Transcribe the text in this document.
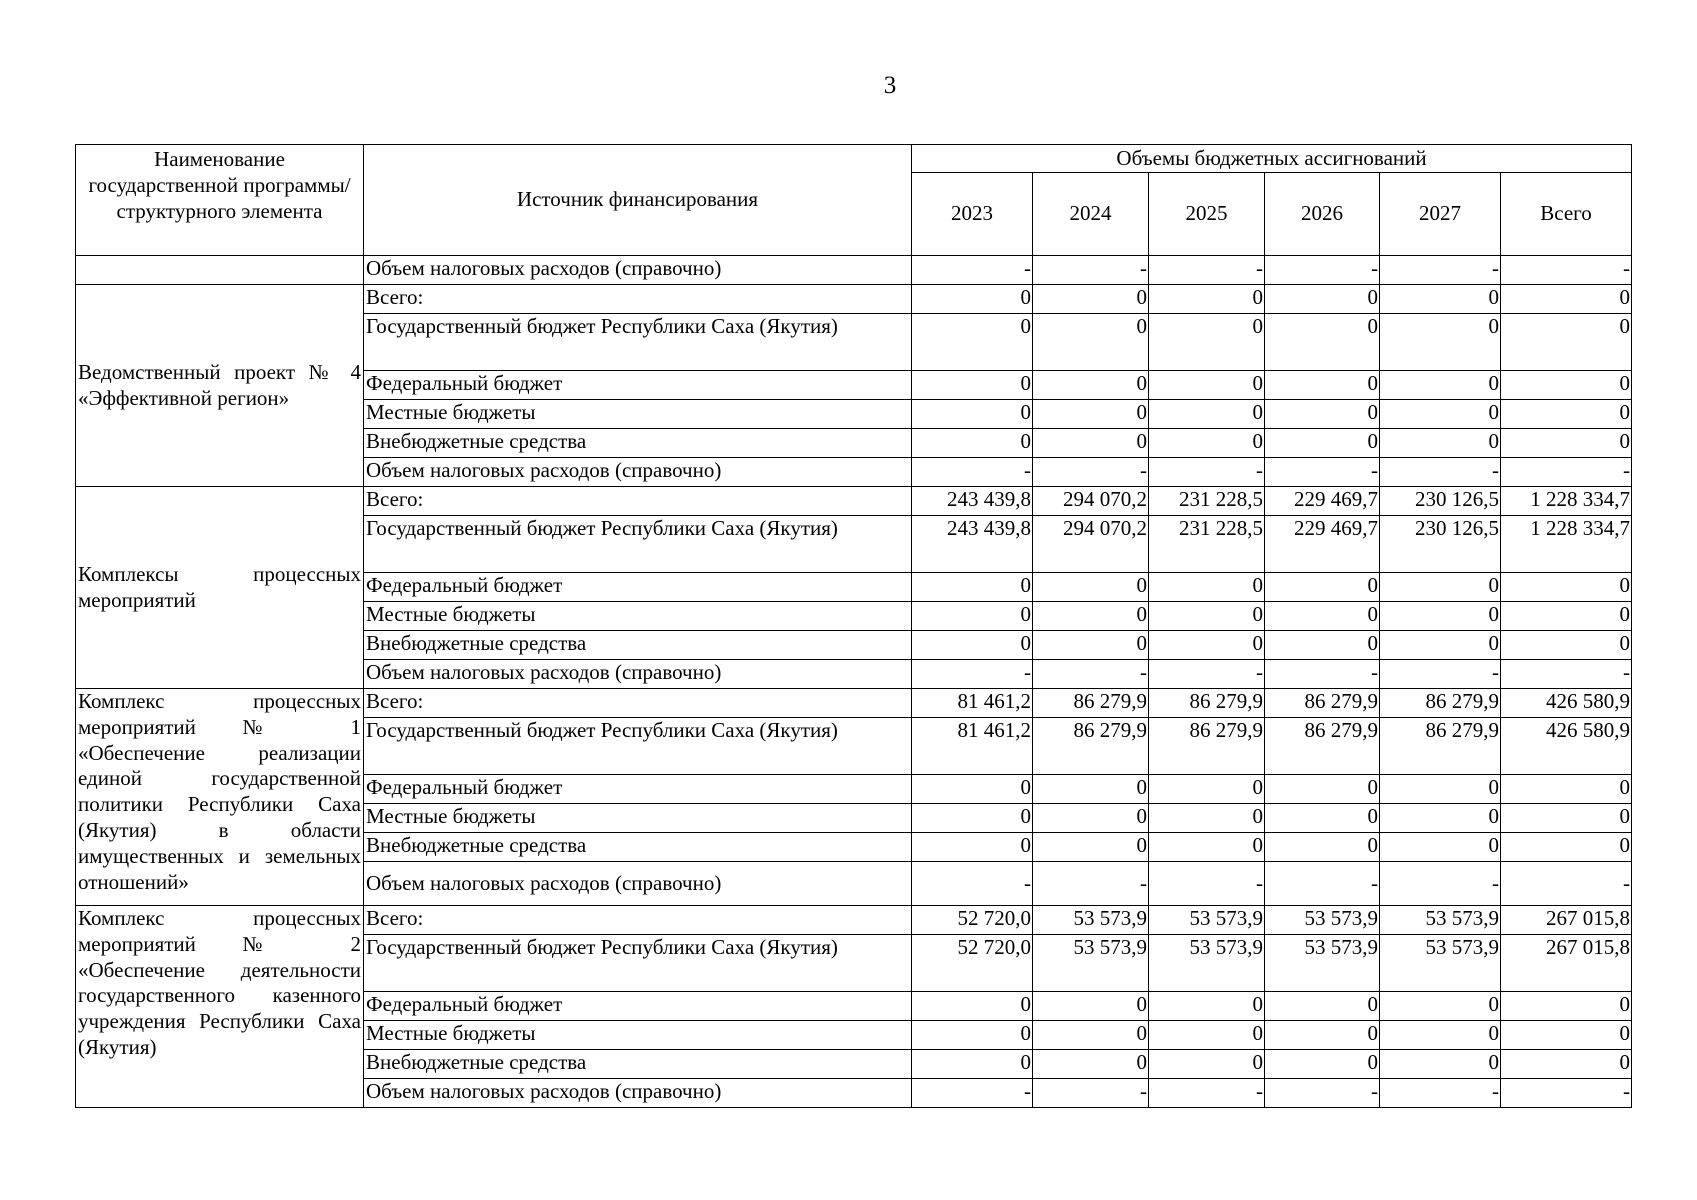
3
Наименование государственной программы/ структурного элемента	Источник финансирования	Объемы бюджетных ассигнований					
		2023	2024	2025	2026	2027	Всего
	Объем налоговых расходов (справочно)	-	-	-	-	-	-
Ведомственный проект № 4 «Эффективной регион»	Всего:	0	0	0	0	0	0
	Государственный бюджет Республики Саха (Якутия)	0	0	0	0	0	0
	Федеральный бюджет	0	0	0	0	0	0
	Местные бюджеты	0	0	0	0	0	0
	Внебюджетные средства	0	0	0	0	0	0
	Объем налоговых расходов (справочно)	-	-	-	-	-	-
Комплексы процессных мероприятий	Всего:	243 439,8	294 070,2	231 228,5	229 469,7	230 126,5	1 228 334,7
	Государственный бюджет Республики Саха (Якутия)	243 439,8	294 070,2	231 228,5	229 469,7	230 126,5	1 228 334,7
	Федеральный бюджет	0	0	0	0	0	0
	Местные бюджеты	0	0	0	0	0	0
	Внебюджетные средства	0	0	0	0	0	0
	Объем налоговых расходов (справочно)	-	-	-	-	-	-
Комплекс процессных мероприятий № 1 «Обеспечение реализации единой государственной политики Республики Саха (Якутия) в области имущественных и земельных отношений»	Всего:	81 461,2	86 279,9	86 279,9	86 279,9	86 279,9	426 580,9
	Государственный бюджет Республики Саха (Якутия)	81 461,2	86 279,9	86 279,9	86 279,9	86 279,9	426 580,9
	Федеральный бюджет	0	0	0	0	0	0
	Местные бюджеты	0	0	0	0	0	0
	Внебюджетные средства	0	0	0	0	0	0
	Объем налоговых расходов (справочно)	-	-	-	-	-	-
Комплекс процессных мероприятий № 2 «Обеспечение деятельности государственного казенного учреждения Республики Саха (Якутия)	Всего:	52 720,0	53 573,9	53 573,9	53 573,9	53 573,9	267 015,8
	Государственный бюджет Республики Саха (Якутия)	52 720,0	53 573,9	53 573,9	53 573,9	53 573,9	267 015,8
	Федеральный бюджет	0	0	0	0	0	0
	Местные бюджеты	0	0	0	0	0	0
	Внебюджетные средства	0	0	0	0	0	0
	Объем налоговых расходов (справочно)	-	-	-	-	-	-
